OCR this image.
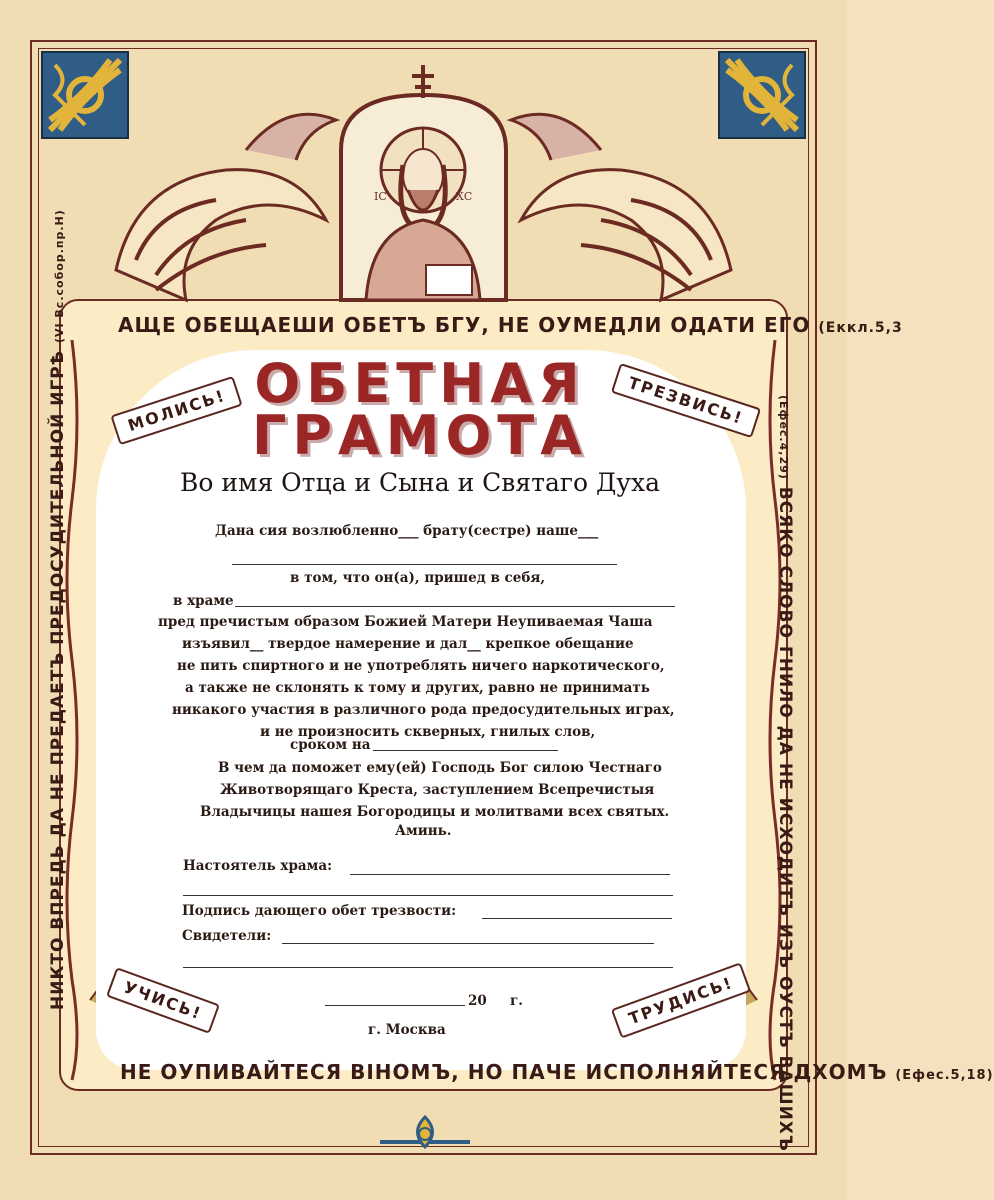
ІС	ХС
АЩЕ ОБЕЩАЕШИ ОБЕТЪ БГУ, НЕ ОУМЕДЛИ ОДАТИ ЕГО (Еккл.5,3
НИКТО ВПРЕДЬ ДА НЕ ПРЕДАЕТЪ ПРЕДОСУДИТЕЛЬНОЙ ИГРѢ (VI Вс.собор.пр.Н)
(Ефес.4,29) ВСЯКО СЛОВО ГНИЛО ДА НЕ ИСХОДИТЪ ИЗЪ ОУСТЪ ВАШИХЪ
МОЛИСЬ!	ТРЕЗВИСЬ!
УЧИСЬ!	ТРУДИСЬ!
ОБЕТНАЯ
ГРАМОТА
Во имя Отца и Сына и Святаго Духа
Дана сия возлюбленно___ брату(сестре) наше___
в том, что он(а), пришед в себя,
в храме
пред пречистым образом Божией Матери Неупиваемая Чаша
изъявил__ твердое намерение и дал__ крепкое обещание
не пить спиртного и не употреблять ничего наркотического,
а также не склонять к тому и других, равно не принимать
никакого участия в различного рода предосудительных играх,
и не произносить скверных, гнилых слов,
сроком на
В чем да поможет ему(ей) Господь Бог силою Честнаго
Животворящаго Креста, заступлением Всепречистыя
Владычицы нашея Богородицы и молитвами всех святых.
Аминь.
Настоятель храма:
Подпись дающего обет трезвости:
Свидетели:
20 г.
г. Москва
НЕ ОУПИВАЙТЕСЯ ВІНОМЪ, НО ПАЧЕ ИСПОЛНЯЙТЕСЯ ДХОМЪ (Ефес.5,18)
